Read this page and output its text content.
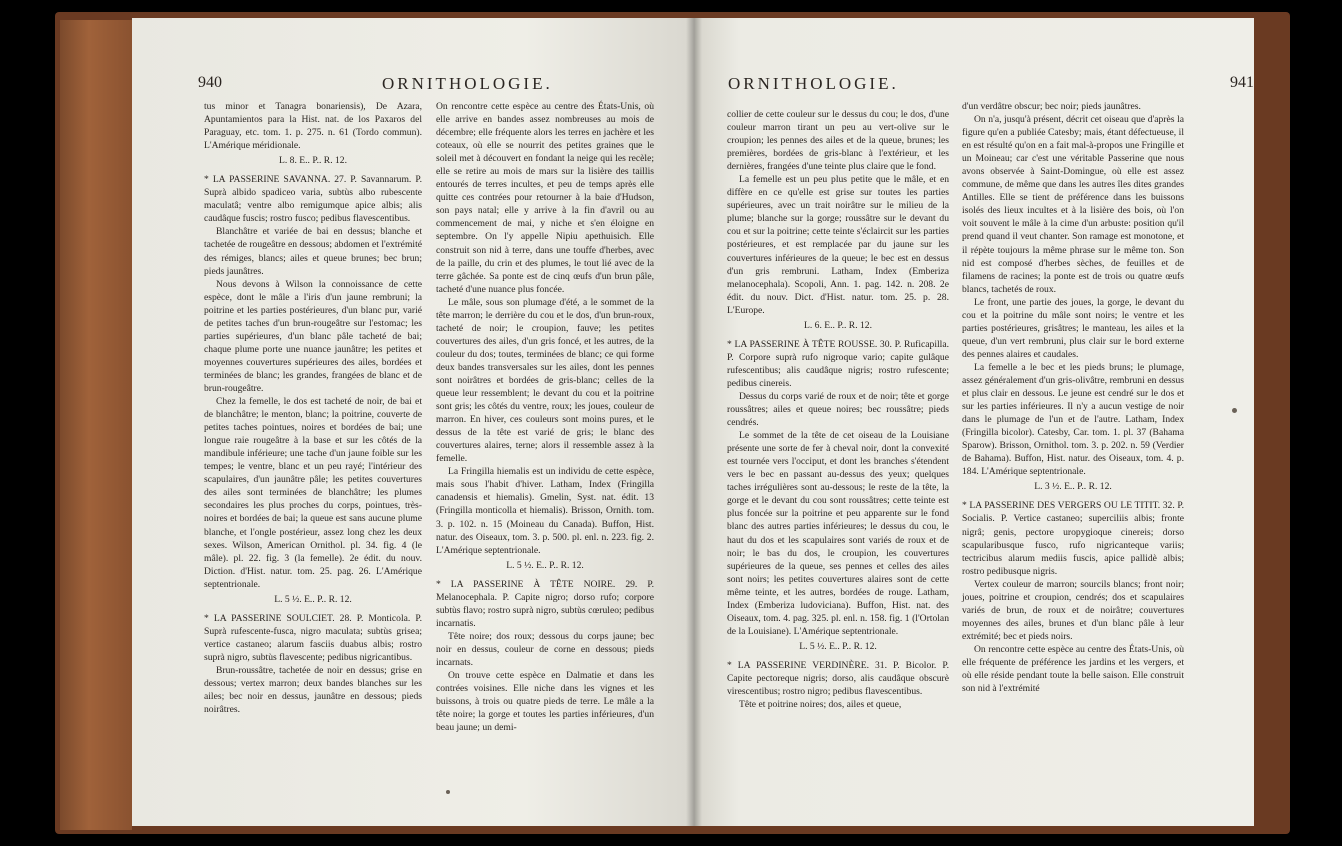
940	ORNITHOLOGIE.

tus minor et Tanagra bonariensis), De Azara, Apuntamientos para la Hist. nat. de los Paxaros del Paraguay, etc. tom. 1. p. 275. n. 61 (Tordo commun). L'Amérique méridionale.

L. 8. E.. P.. R. 12.

* LA PASSERINE SAVANNA. 27. P. Savannarum. P. Suprà albido spadiceo varia, subtùs albo rubescente maculatâ; ventre albo remigumque apice albis; alis caudâque fuscis; rostro fusco; pedibus flavescentibus.

Blanchâtre et variée de bai en dessus; blanche et tachetée de rougeâtre en dessous; abdomen et l'extrémité des rémiges, blancs; ailes et queue brunes; bec brun; pieds jaunâtres.

Nous devons à Wilson la connoissance de cette espèce, dont le mâle a l'iris d'un jaune rembruni; la poitrine et les parties postérieures, d'un blanc pur, varié de petites taches d'un brun-rougeâtre sur l'estomac; les parties supérieures, d'un blanc pâle tacheté de bai; chaque plume porte une nuance jaunâtre; les petites et moyennes couvertures supérieures des ailes, bordées et terminées de blanc; les grandes, frangées de blanc et de brun-rougeâtre.

Chez la femelle, le dos est tacheté de noir, de bai et de blanchâtre; le menton, blanc; la poitrine, couverte de petites taches pointues, noires et bordées de bai; une longue raie rougeâtre à la base et sur les côtés de la mandibule inférieure; une tache d'un jaune foible sur les tempes; le ventre, blanc et un peu rayé; l'intérieur des scapulaires, d'un jaunâtre pâle; les petites couvertures des ailes sont terminées de blanchâtre; les plumes secondaires les plus proches du corps, pointues, très-noires et bordées de bai; la queue est sans aucune plume blanche, et l'ongle postérieur, assez long chez les deux sexes. Wilson, American Ornithol. pl. 34. fig. 4 (le mâle). pl. 22. fig. 3 (la femelle). 2e édit. du nouv. Diction. d'Hist. natur. tom. 25. pag. 26. L'Amérique septentrionale.

L. 5 ½. E.. P.. R. 12.

* LA PASSERINE SOULCIET. 28. P. Monticola. P. Suprà rufescente-fusca, nigro maculata; subtùs grisea; vertice castaneo; alarum fasciis duabus albis; rostro suprà nigro, subtùs flavescente; pedibus nigricantibus.

Brun-roussâtre, tachetée de noir en dessus; grise en dessous; vertex marron; deux bandes blanches sur les ailes; bec noir en dessus, jaunâtre en dessous; pieds noirâtres.

On rencontre cette espèce au centre des États-Unis, où elle arrive en bandes assez nombreuses au mois de décembre; elle fréquente alors les terres en jachère et les coteaux, où elle se nourrit des petites graines que le soleil met à découvert en fondant la neige qui les recèle; elle se retire au mois de mars sur la lisière des taillis entourés de terres incultes, et peu de temps après elle quitte ces contrées pour retourner à la baie d'Hudson, son pays natal; elle y arrive à la fin d'avril ou au commencement de mai, y niche et s'en éloigne en septembre. On l'y appelle Nipiu apethuisich. Elle construit son nid à terre, dans une touffe d'herbes, avec de la paille, du crin et des plumes, le tout lié avec de la terre gâchée. Sa ponte est de cinq œufs d'un brun pâle, tacheté d'une nuance plus foncée.

Le mâle, sous son plumage d'été, a le sommet de la tête marron; le derrière du cou et le dos, d'un brun-roux, tacheté de noir; le croupion, fauve; les petites couvertures des ailes, d'un gris foncé, et les autres, de la couleur du dos; toutes, terminées de blanc; ce qui forme deux bandes transversales sur les ailes, dont les pennes sont noirâtres et bordées de gris-blanc; celles de la queue leur ressemblent; le devant du cou et la poitrine sont gris; les côtés du ventre, roux; les joues, couleur de marron. En hiver, ces couleurs sont moins pures, et le dessus de la tête est varié de gris; le blanc des couvertures alaires, terne; alors il ressemble assez à la femelle.

La Fringilla hiemalis est un individu de cette espèce, mais sous l'habit d'hiver. Latham, Index (Fringilla canadensis et hiemalis). Gmelin, Syst. nat. édit. 13 (Fringilla monticolla et hiemalis). Brisson, Ornith. tom. 3. p. 102. n. 15 (Moineau du Canada). Buffon, Hist. natur. des Oiseaux, tom. 3. p. 500. pl. enl. n. 223. fig. 2. L'Amérique septentrionale.

L. 5 ½. E.. P.. R. 12.

* LA PASSERINE À TÊTE NOIRE. 29. P. Melanocephala. P. Capite nigro; dorso rufo; corpore subtùs flavo; rostro suprà nigro, subtùs cœruleo; pedibus incarnatis.

Tête noire; dos roux; dessous du corps jaune; bec noir en dessus, couleur de corne en dessous; pieds incarnats.

On trouve cette espèce en Dalmatie et dans les contrées voisines. Elle niche dans les vignes et les buissons, à trois ou quatre pieds de terre. Le mâle a la tête noire; la gorge et toutes les parties inférieures, d'un beau jaune; un demi-

ORNITHOLOGIE.	941

collier de cette couleur sur le dessus du cou; le dos, d'une couleur marron tirant un peu au vert-olive sur le croupion; les pennes des ailes et de la queue, brunes; les premières, bordées de gris-blanc à l'extérieur, et les dernières, frangées d'une teinte plus claire que le fond.

La femelle est un peu plus petite que le mâle, et en diffère en ce qu'elle est grise sur toutes les parties supérieures, avec un trait noirâtre sur le milieu de la plume; blanche sur la gorge; roussâtre sur le devant du cou et sur la poitrine; cette teinte s'éclaircit sur les parties postérieures, et est remplacée par du jaune sur les couvertures inférieures de la queue; le bec est en dessus d'un gris rembruni. Latham, Index (Emberiza melanocephala). Scopoli, Ann. 1. pag. 142. n. 208. 2e édit. du nouv. Dict. d'Hist. natur. tom. 25. p. 28. L'Europe.

L. 6. E.. P.. R. 12.

* LA PASSERINE À TÊTE ROUSSE. 30. P. Ruficapilla. P. Corpore suprà rufo nigroque vario; capite gulâque rufescentibus; alis caudâque nigris; rostro rufescente; pedibus cinereis.

Dessus du corps varié de roux et de noir; tête et gorge roussâtres; ailes et queue noires; bec roussâtre; pieds cendrés.

Le sommet de la tête de cet oiseau de la Louisiane présente une sorte de fer à cheval noir, dont la convexité est tournée vers l'occiput, et dont les branches s'étendent vers le bec en passant au-dessus des yeux; quelques taches irrégulières sont au-dessous; le reste de la tête, la gorge et le devant du cou sont roussâtres; cette teinte est plus foncée sur la poitrine et peu apparente sur le fond blanc des autres parties inférieures; le dessus du cou, le haut du dos et les scapulaires sont variés de roux et de noir; le bas du dos, le croupion, les couvertures supérieures de la queue, ses pennes et celles des ailes sont noirs; les petites couvertures alaires sont de cette même teinte, et les autres, bordées de rouge. Latham, Index (Emberiza ludoviciana). Buffon, Hist. nat. des Oiseaux, tom. 4. pag. 325. pl. enl. n. 158. fig. 1 (l'Ortolan de la Louisiane). L'Amérique septentrionale.

L. 5 ½. E.. P.. R. 12.

* LA PASSERINE VERDINÈRE. 31. P. Bicolor. P. Capite pectoreque nigris; dorso, alis caudâque obscurè virescentibus; rostro nigro; pedibus flavescentibus.

Tête et poitrine noires; dos, ailes et queue,

d'un verdâtre obscur; bec noir; pieds jaunâtres.

On n'a, jusqu'à présent, décrit cet oiseau que d'après la figure qu'en a publiée Catesby; mais, étant défectueuse, il en est résulté qu'on en a fait mal-à-propos une Fringille et un Moineau; car c'est une véritable Passerine que nous avons observée à Saint-Domingue, où elle est assez commune, de même que dans les autres îles dites grandes Antilles. Elle se tient de préférence dans les buissons isolés des lieux incultes et à la lisière des bois, où l'on voit souvent le mâle à la cime d'un arbuste: position qu'il prend quand il veut chanter. Son ramage est monotone, et il répète toujours la même phrase sur le même ton. Son nid est composé d'herbes sèches, de feuilles et de filamens de racines; la ponte est de trois ou quatre œufs blancs, tachetés de roux.

Le front, une partie des joues, la gorge, le devant du cou et la poitrine du mâle sont noirs; le ventre et les parties postérieures, grisâtres; le manteau, les ailes et la queue, d'un vert rembruni, plus clair sur le bord externe des pennes alaires et caudales.

La femelle a le bec et les pieds bruns; le plumage, assez généralement d'un gris-olivâtre, rembruni en dessus et plus clair en dessous. Le jeune est cendré sur le dos et sur les parties inférieures. Il n'y a aucun vestige de noir dans le plumage de l'un et de l'autre. Latham, Index (Fringilla bicolor). Catesby, Car. tom. 1. pl. 37 (Bahama Sparow). Brisson, Ornithol. tom. 3. p. 202. n. 59 (Verdier de Bahama). Buffon, Hist. natur. des Oiseaux, tom. 4. p. 184. L'Amérique septentrionale.

L. 3 ½. E.. P.. R. 12.

* LA PASSERINE DES VERGERS OU LE TITIT. 32. P. Socialis. P. Vertice castaneo; superciliis albis; fronte nigrâ; genis, pectore uropygioque cinereis; dorso scapularibusque fusco, rufo nigricanteque variis; tectricibus alarum mediis fuscis, apice pallidè albis; rostro pedibusque nigris.

Vertex couleur de marron; sourcils blancs; front noir; joues, poitrine et croupion, cendrés; dos et scapulaires variés de brun, de roux et de noirâtre; couvertures moyennes des ailes, brunes et d'un blanc pâle à leur extrémité; bec et pieds noirs.

On rencontre cette espèce au centre des États-Unis, où elle fréquente de préférence les jardins et les vergers, et où elle réside pendant toute la belle saison. Elle construit son nid à l'extrémité
